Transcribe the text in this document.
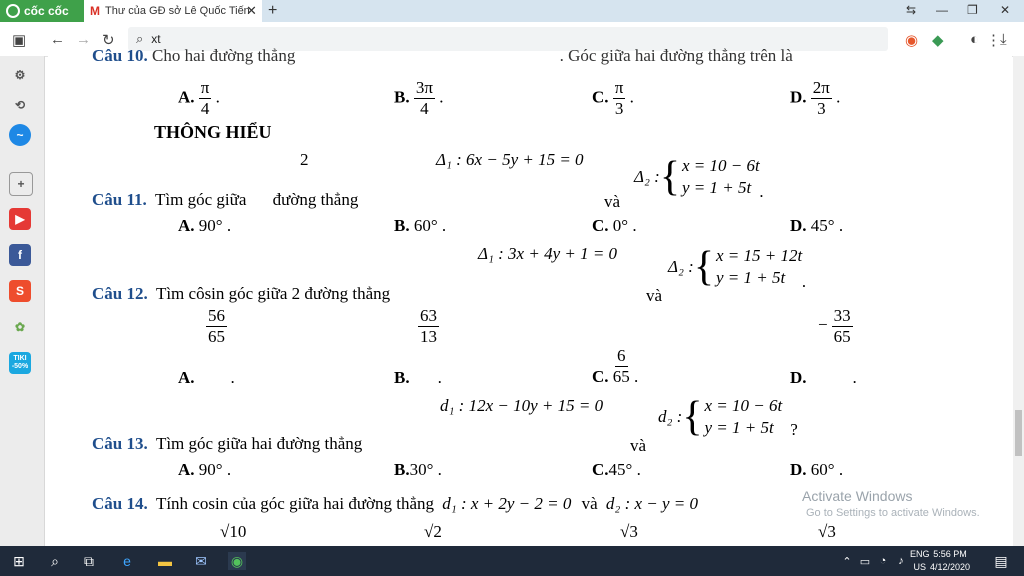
cốc cốc M Thư của GĐ sở Lê Quốc Tiến
✕ +	⇆ — ❐ ✕
▣ ← → ↻ ⌕ xt	◉ ◆ ◐ ⋮ ⤓
⚙
⟲
~
+
▶
f
S
✿
TIKI -50%
Câu 10. Cho hai đường thẳng	. Góc giữa hai đường thẳng trên là
A. $\frac{\pi}{4}$ .	B. $\frac{3\pi}{4}$ .	C. $\frac{\pi}{3}$ .	D. $\frac{2\pi}{3}$ .
THÔNG HIỂU
2	Δ₁ : 6x − 5y + 15 = 0
Δ₂ : { x = 10 − 6t
y = 1 + 5t .
Câu 11. Tìm góc giữa đường thẳng	và
A. 90° .	B. 60° .	C. 0° .	D. 45° .
Δ₁ : 3x + 4y + 1 = 0
Δ₂ : { x = 15 + 12t
y = 1 + 5t	.
Câu 12. Tìm côsin góc giữa 2 đường thẳng	và
$\frac{56}{65}$	$\frac{63}{13}$	− $\frac{33}{65}$
A. .	B. .	C. $\frac{6}{65}$ .	D.	.
d₁ : 12x − 10y + 15 = 0
d₂ : { x = 10 − 6t
y = 1 + 5t ?
Câu 13. Tìm góc giữa hai đường thẳng	và
A. 90° .	B.30° .	C.45° .	D. 60° .
Câu 14. Tính cosin của góc giữa hai đường thẳng d₁ : x + 2y − 2 = 0 và d₂ : x − y = 0
√10	√2	√3	√3
Activate Windows
Go to Settings to activate Windows.
⊞	⌕	⧉	e	▬ ✉ ◉	⌃ ▭ ◔	♪
ENG
US
5:56 PM
4/12/2020 ▤
